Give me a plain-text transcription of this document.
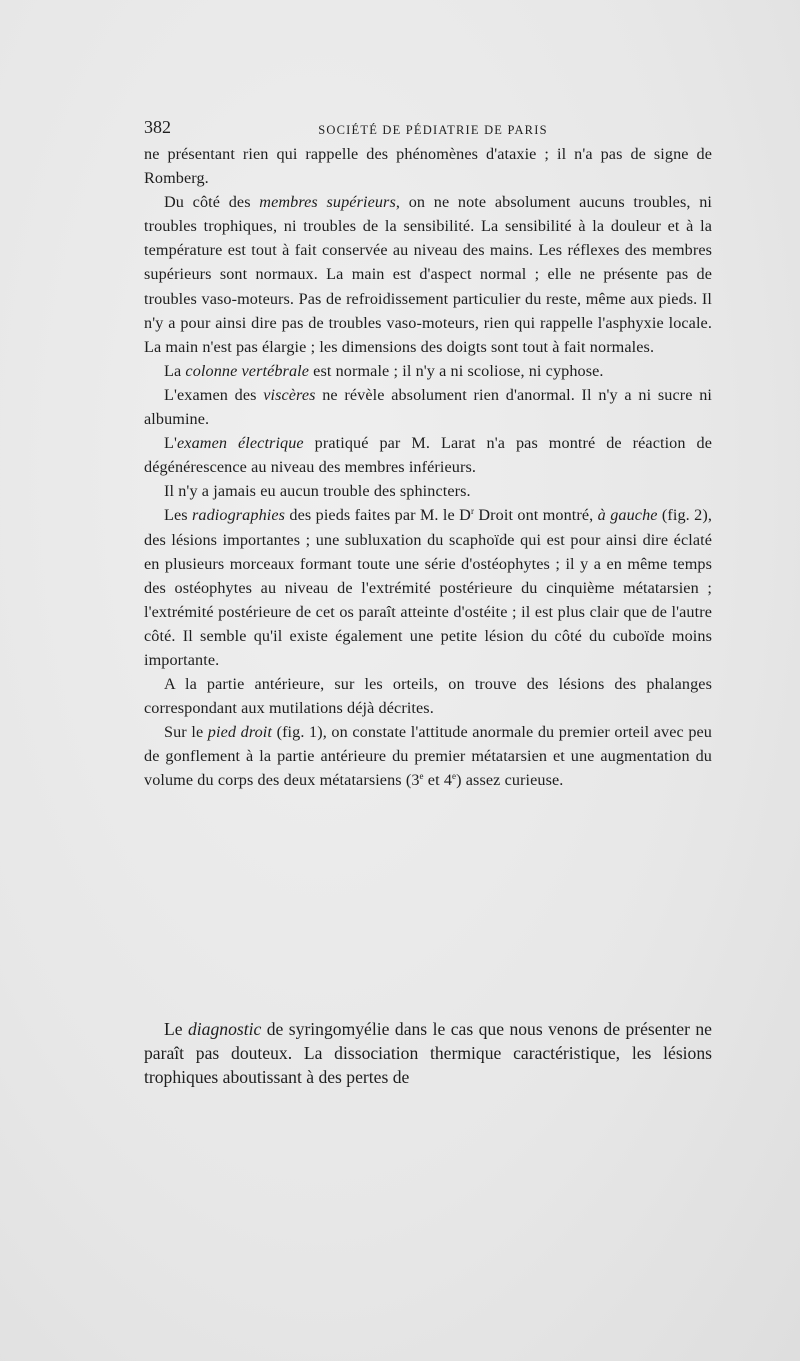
382	SOCIÉTÉ DE PÉDIATRIE DE PARIS

ne présentant rien qui rappelle des phénomènes d'ataxie ; il n'a pas de signe de Romberg.

Du côté des membres supérieurs, on ne note absolument aucuns troubles, ni troubles trophiques, ni troubles de la sensibilité. La sensibilité à la douleur et à la température est tout à fait conservée au niveau des mains. Les réflexes des membres supérieurs sont normaux. La main est d'aspect normal ; elle ne présente pas de troubles vaso-moteurs. Pas de refroidissement particulier du reste, même aux pieds. Il n'y a pour ainsi dire pas de troubles vaso-moteurs, rien qui rappelle l'asphyxie locale. La main n'est pas élargie ; les dimensions des doigts sont tout à fait normales.

La colonne vertébrale est normale ; il n'y a ni scoliose, ni cyphose.

L'examen des viscères ne révèle absolument rien d'anormal. Il n'y a ni sucre ni albumine.

L'examen électrique pratiqué par M. Larat n'a pas montré de réaction de dégénérescence au niveau des membres inférieurs.

Il n'y a jamais eu aucun trouble des sphincters.

Les radiographies des pieds faites par M. le $D^r$ Droit ont montré, à gauche (fig. 2), des lésions importantes ; une subluxation du scaphoïde qui est pour ainsi dire éclaté en plusieurs morceaux formant toute une série d'ostéophytes ; il y a en même temps des ostéophytes au niveau de l'extrémité postérieure du cinquième métatarsien ; l'extrémité postérieure de cet os paraît atteinte d'ostéite ; il est plus clair que de l'autre côté. Il semble qu'il existe également une petite lésion du côté du cuboïde moins importante.

A la partie antérieure, sur les orteils, on trouve des lésions des phalanges correspondant aux mutilations déjà décrites.

Sur le pied droit (fig. 1), on constate l'attitude anormale du premier orteil avec peu de gonflement à la partie antérieure du premier métatarsien et une augmentation du volume du corps des deux métatarsiens (3e et 4e) assez curieuse.

Le diagnostic de syringomyélie dans le cas que nous venons de présenter ne paraît pas douteux. La dissociation thermique caractéristique, les lésions trophiques aboutissant à des pertes de
